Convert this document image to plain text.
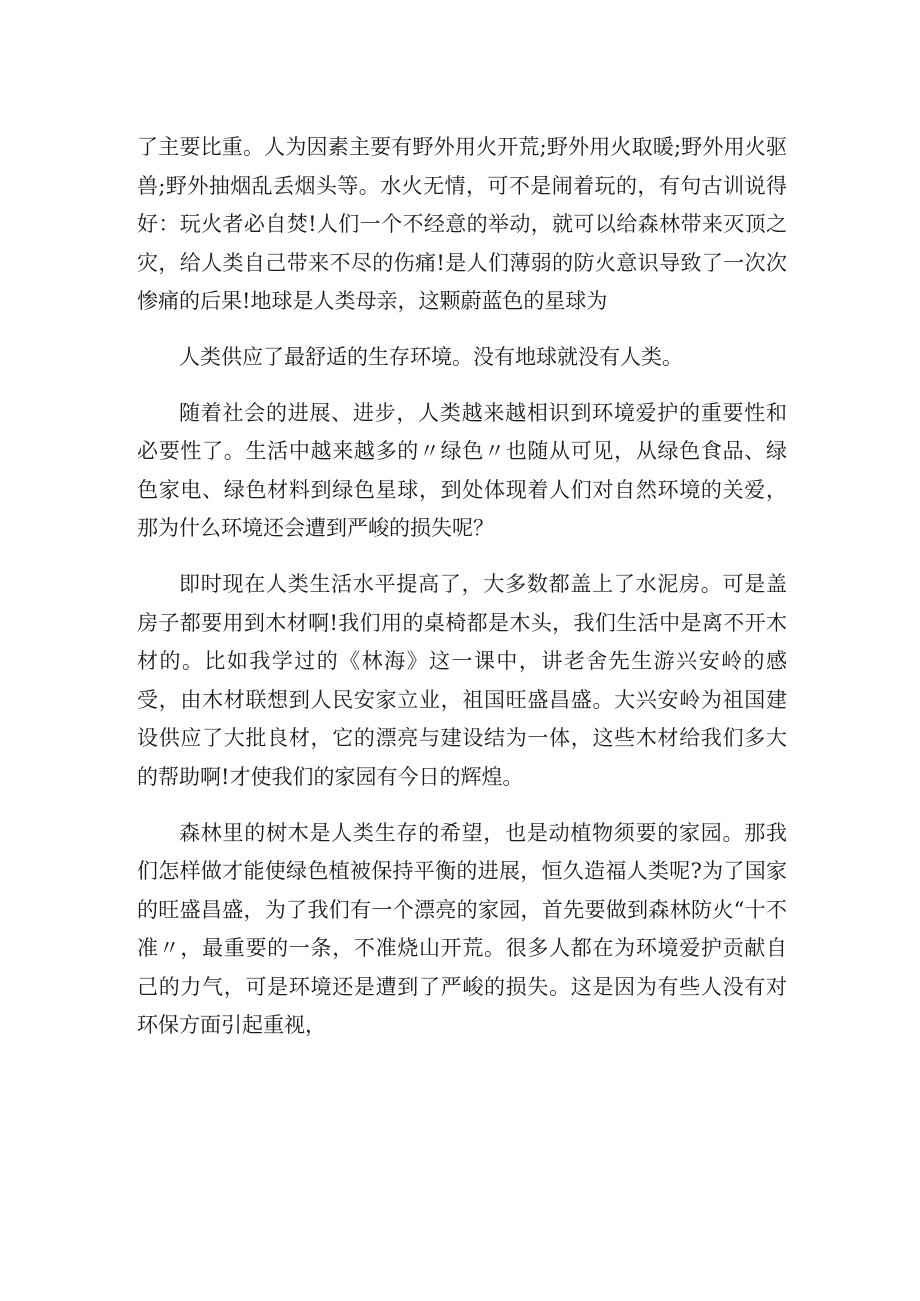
了主要比重。人为因素主要有野外用火开荒;野外用火取暖;野外用火驱兽;野外抽烟乱丢烟头等。水火无情，可不是闹着玩的，有句古训说得好：玩火者必自焚!人们一个不经意的举动，就可以给森林带来灭顶之灾，给人类自己带来不尽的伤痛!是人们薄弱的防火意识导致了一次次惨痛的后果!地球是人类母亲，这颗蔚蓝色的星球为

人类供应了最舒适的生存环境。没有地球就没有人类。

随着社会的进展、进步，人类越来越相识到环境爱护的重要性和必要性了。生活中越来越多的〃绿色〃也随从可见，从绿色食品、绿色家电、绿色材料到绿色星球，到处体现着人们对自然环境的关爱，那为什么环境还会遭到严峻的损失呢？

即时现在人类生活水平提高了，大多数都盖上了水泥房。可是盖房子都要用到木材啊!我们用的桌椅都是木头，我们生活中是离不开木材的。比如我学过的《林海》这一课中，讲老舍先生游兴安岭的感受，由木材联想到人民安家立业，祖国旺盛昌盛。大兴安岭为祖国建设供应了大批良材，它的漂亮与建设结为一体，这些木材给我们多大的帮助啊!才使我们的家园有今日的辉煌。

森林里的树木是人类生存的希望，也是动植物须要的家园。那我们怎样做才能使绿色植被保持平衡的进展，恒久造福人类呢?为了国家的旺盛昌盛，为了我们有一个漂亮的家园，首先要做到森林防火“十不准〃，最重要的一条，不准烧山开荒。很多人都在为环境爱护贡献自己的力气，可是环境还是遭到了严峻的损失。这是因为有些人没有对环保方面引起重视，
